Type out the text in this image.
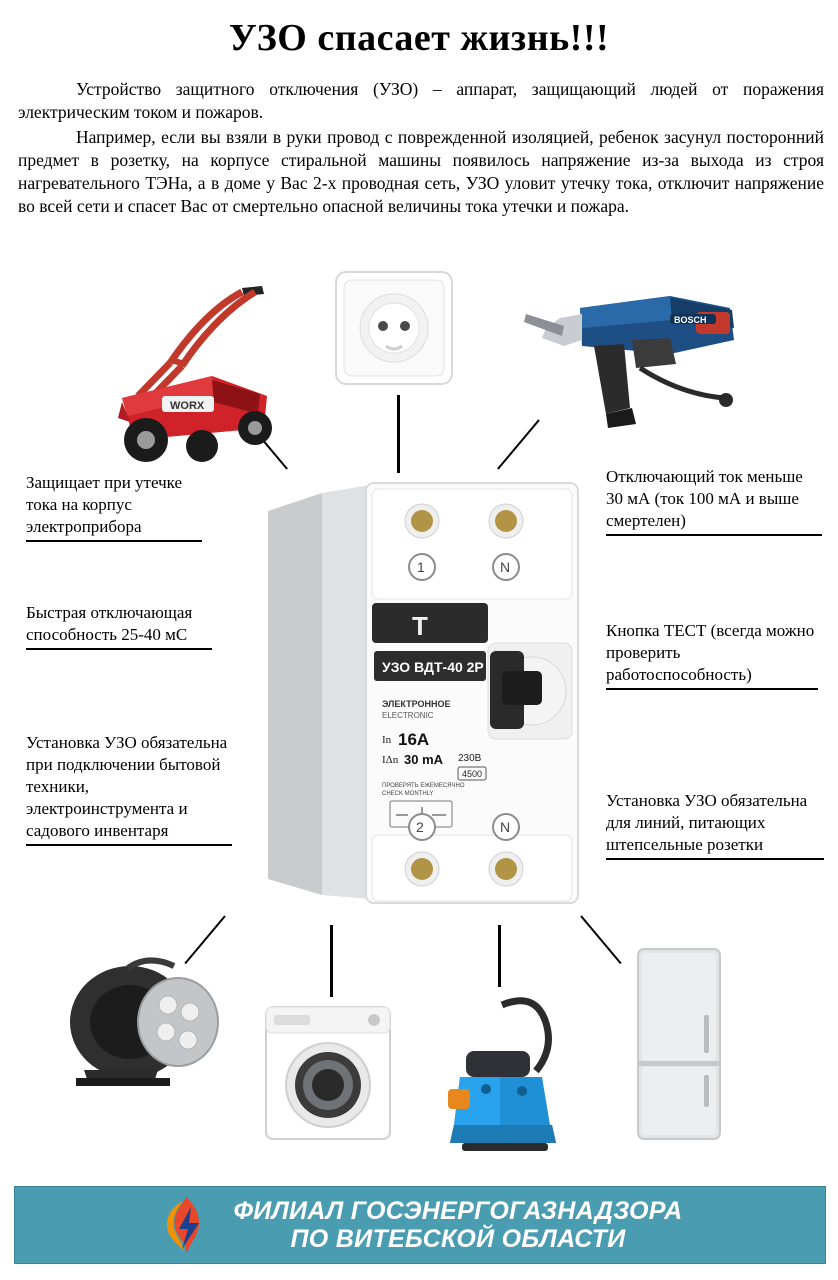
УЗО спасает жизнь!!!

Устройство защитного отключения (УЗО) – аппарат, защищающий людей от поражения электрическим током и пожаров.

Например, если вы взяли в руки провод с поврежденной изоляцией, ребенок засунул посторонний предмет в розетку, на корпусе стиральной машины появилось напряжение из-за выхода из строя нагревательного ТЭНа, а в доме у Вас 2-х проводная сеть, УЗО уловит утечку тока, отключит напряжение во всей сети и спасет Вас от смертельно опасной величины тока утечки и пожара.

WORX
BOSCH
1	N
T
УЗО ВДТ-40 2Р
ЭЛЕКТРОННОЕ
ELECTRONIC
In 16A
IΔn 30 mA 230В
4500
ПРОВЕРЯТЬ ЕЖЕМЕСЯЧНО
CHECK MONTHLY
2	N
Защищает при утечке тока на корпус электроприбора
Быстрая отключающая способность 25-40 мС
Установка УЗО обязательна при подключении бытовой техники, электроинструмента и садового инвентаря
Отключающий ток меньше 30 мА (ток 100 мА и выше смертелен)
Кнопка ТЕСТ (всегда можно проверить работоспособность)
Установка УЗО обязательна для линий, питающих штепсельные розетки
ФИЛИАЛ ГОСЭНЕРГОГАЗНАДЗОРА
ПО ВИТЕБСКОЙ ОБЛАСТИ
